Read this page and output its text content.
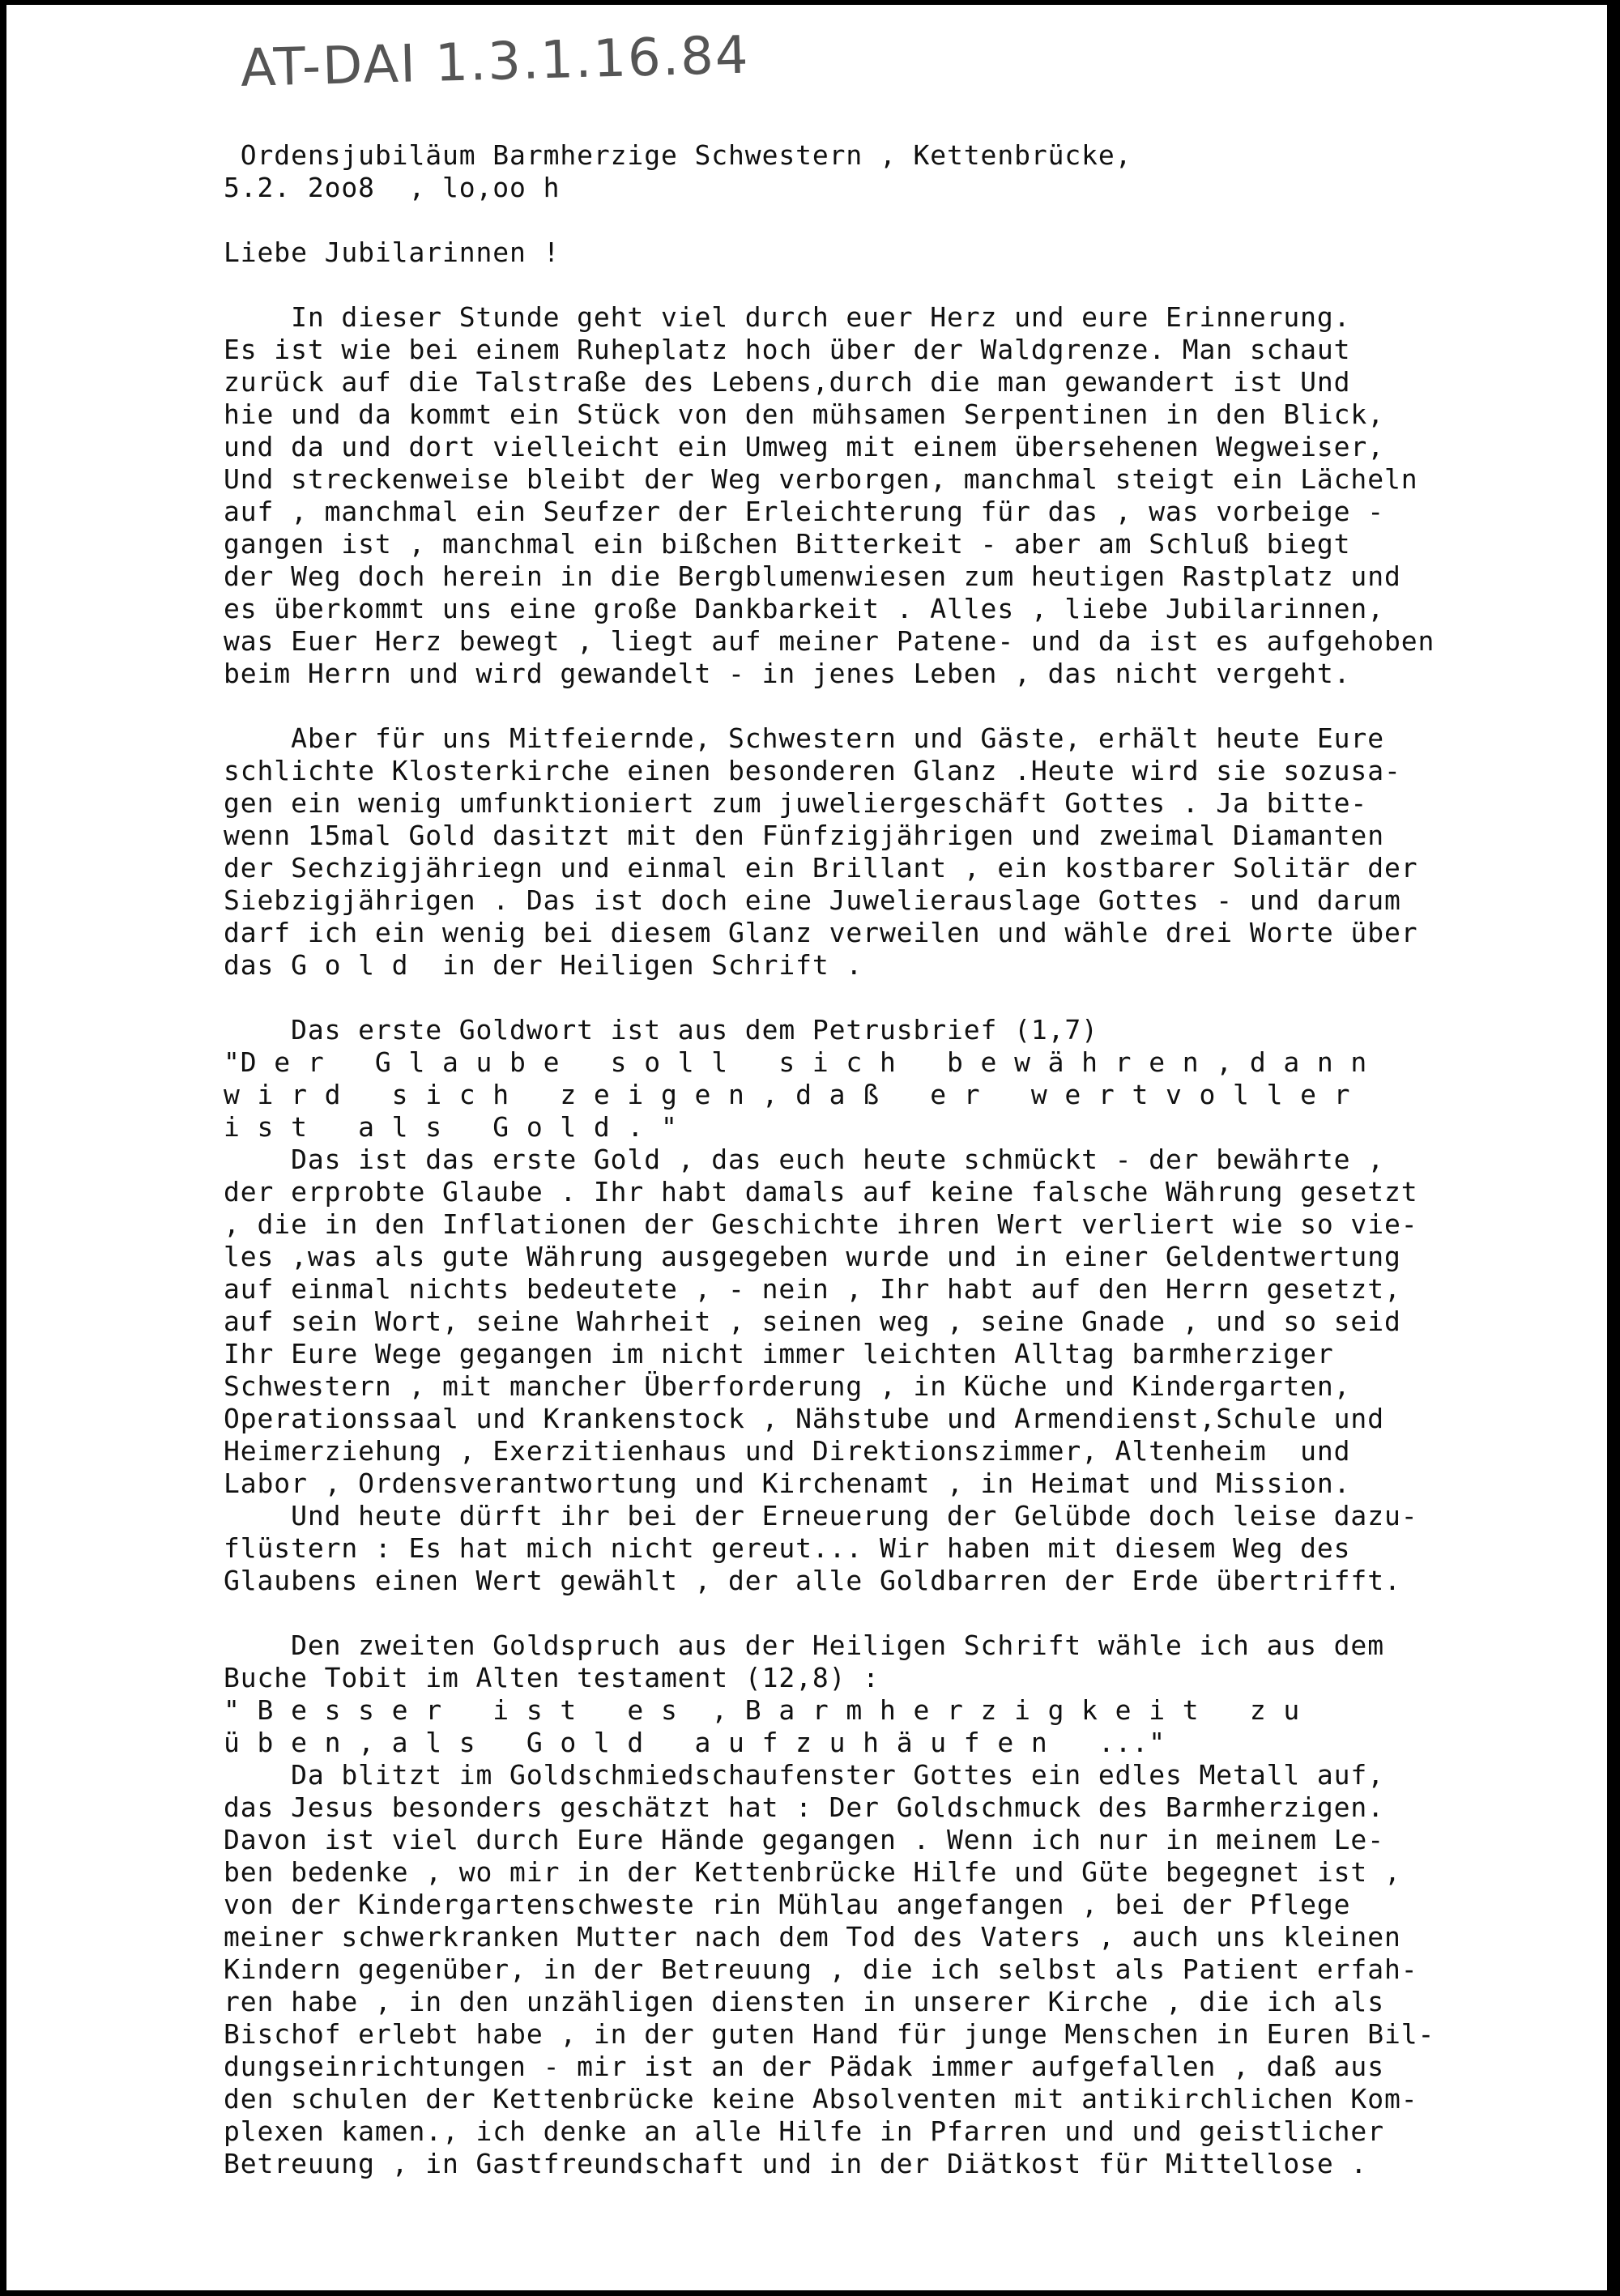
AT-DAI 1.3.1.16.84
Ordensjubiläum Barmherzige Schwestern , Kettenbrücke,
5.2. 2oo8  , lo,oo h
Liebe Jubilarinnen !
In dieser Stunde geht viel durch euer Herz und eure Erinnerung.
Es ist wie bei einem Ruheplatz hoch über der Waldgrenze. Man schaut
zurück auf die Talstraße des Lebens,durch die man gewandert ist Und
hie und da kommt ein Stück von den mühsamen Serpentinen in den Blick,
und da und dort vielleicht ein Umweg mit einem übersehenen Wegweiser,
Und streckenweise bleibt der Weg verborgen, manchmal steigt ein Lächeln
auf , manchmal ein Seufzer der Erleichterung für das , was vorbeige -
gangen ist , manchmal ein bißchen Bitterkeit - aber am Schluß biegt
der Weg doch herein in die Bergblumenwiesen zum heutigen Rastplatz und
es überkommt uns eine große Dankbarkeit . Alles , liebe Jubilarinnen,
was Euer Herz bewegt , liegt auf meiner Patene- und da ist es aufgehoben
beim Herrn und wird gewandelt - in jenes Leben , das nicht vergeht.
Aber für uns Mitfeiernde, Schwestern und Gäste, erhält heute Eure
schlichte Klosterkirche einen besonderen Glanz .Heute wird sie sozusa-
gen ein wenig umfunktioniert zum juweliergeschäft Gottes . Ja bitte-
wenn 15mal Gold dasitzt mit den Fünfzigjährigen und zweimal Diamanten
der Sechzigjähriegn und einmal ein Brillant , ein kostbarer Solitär der
Siebzigjährigen . Das ist doch eine Juwelierauslage Gottes - und darum
darf ich ein wenig bei diesem Glanz verweilen und wähle drei Worte über
das G o l d  in der Heiligen Schrift .
Das erste Goldwort ist aus dem Petrusbrief (1,7)
"D e r   G l a u b e   s o l l   s i c h   b e w ä h r e n , d a n n
w i r d   s i c h   z e i g e n , d a ß   e r   w e r t v o l l e r
i s t   a l s   G o l d . "
Das ist das erste Gold , das euch heute schmückt - der bewährte ,
der erprobte Glaube . Ihr habt damals auf keine falsche Währung gesetzt
, die in den Inflationen der Geschichte ihren Wert verliert wie so vie-
les ,was als gute Währung ausgegeben wurde und in einer Geldentwertung
auf einmal nichts bedeutete , - nein , Ihr habt auf den Herrn gesetzt,
auf sein Wort, seine Wahrheit , seinen weg , seine Gnade , und so seid
Ihr Eure Wege gegangen im nicht immer leichten Alltag barmherziger
Schwestern , mit mancher Überforderung , in Küche und Kindergarten,
Operationssaal und Krankenstock , Nähstube und Armendienst,Schule und
Heimerziehung , Exerzitienhaus und Direktionszimmer, Altenheim  und
Labor , Ordensverantwortung und Kirchenamt , in Heimat und Mission.
Und heute dürft ihr bei der Erneuerung der Gelübde doch leise dazu-
flüstern : Es hat mich nicht gereut... Wir haben mit diesem Weg des
Glaubens einen Wert gewählt , der alle Goldbarren der Erde übertrifft.
Den zweiten Goldspruch aus der Heiligen Schrift wähle ich aus dem
Buche Tobit im Alten testament (12,8) :
" B e s s e r   i s t   e s  , B a r m h e r z i g k e i t   z u
ü b e n , a l s   G o l d   a u f z u h ä u f e n   ..."
Da blitzt im Goldschmiedschaufenster Gottes ein edles Metall auf,
das Jesus besonders geschätzt hat : Der Goldschmuck des Barmherzigen.
Davon ist viel durch Eure Hände gegangen . Wenn ich nur in meinem Le-
ben bedenke , wo mir in der Kettenbrücke Hilfe und Güte begegnet ist ,
von der Kindergartenschweste rin Mühlau angefangen , bei der Pflege
meiner schwerkranken Mutter nach dem Tod des Vaters , auch uns kleinen
Kindern gegenüber, in der Betreuung , die ich selbst als Patient erfah-
ren habe , in den unzähligen diensten in unserer Kirche , die ich als
Bischof erlebt habe , in der guten Hand für junge Menschen in Euren Bil-
dungseinrichtungen - mir ist an der Pädak immer aufgefallen , daß aus
den schulen der Kettenbrücke keine Absolventen mit antikirchlichen Kom-
plexen kamen., ich denke an alle Hilfe in Pfarren und und geistlicher
Betreuung , in Gastfreundschaft und in der Diätkost für Mittellose .
